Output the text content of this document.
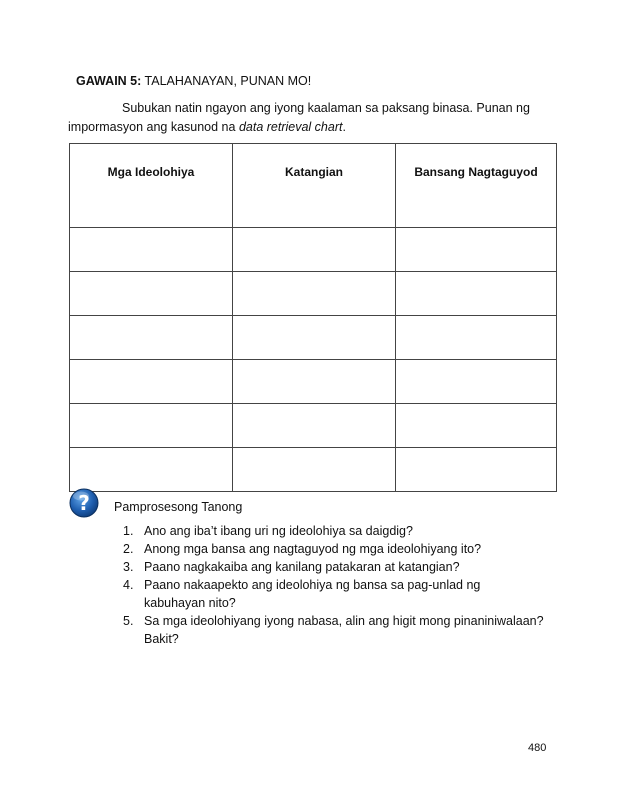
GAWAIN 5: TALAHANAYAN, PUNAN MO!
Subukan natin ngayon ang iyong kaalaman sa paksang binasa. Punan ng
impormasyon ang kasunod na data retrieval chart.
Mga Ideolohiya	Katangian	Bansang Nagtaguyod

? Pamprosesong Tanong
1. Ano ang iba’t ibang uri ng ideolohiya sa daigdig?
2. Anong mga bansa ang nagtaguyod ng mga ideolohiyang ito?
3. Paano nagkakaiba ang kanilang patakaran at katangian?
4. Paano nakaapekto ang ideolohiya ng bansa sa pag-unlad ng kabuhayan nito?
5. Sa mga ideolohiyang iyong nabasa, alin ang higit mong pinaniniwalaan? Bakit?
480
